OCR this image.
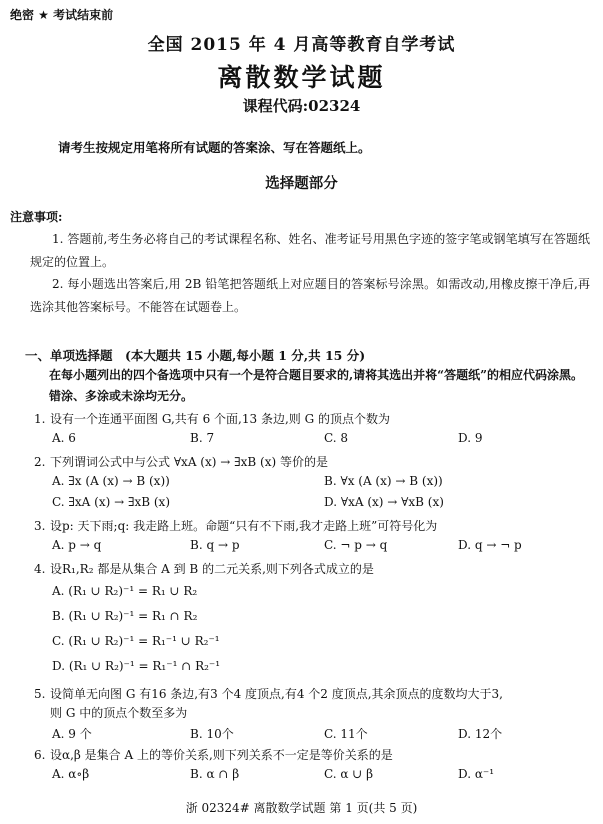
绝密 ★ 考试结束前
全国 2015 年 4 月高等教育自学考试
离散数学试题
课程代码:02324
请考生按规定用笔将所有试题的答案涂、写在答题纸上。
选择题部分
注意事项:
1. 答题前,考生务必将自己的考试课程名称、姓名、准考证号用黑色字迹的签字笔或钢笔填写在答题纸规定的位置上。
2. 每小题选出答案后,用 2B 铅笔把答题纸上对应题目的答案标号涂黑。如需改动,用橡皮擦干净后,再选涂其他答案标号。不能答在试题卷上。
一、单项选择题　(本大题共 15 小题,每小题 1 分,共 15 分)
在每小题列出的四个备选项中只有一个是符合题目要求的,请将其选出并将“答题纸”的相应代码涂黑。错涂、多涂或未涂均无分。
1. 设有一个连通平面图 G,共有 6 个面,13 条边,则 G 的顶点个数为
A. 6	B. 7	C. 8	D. 9
2. 下列谓词公式中与公式 ∀xA (x) → ∃xB (x) 等价的是
A. ∃x (A (x) → B (x))	B. ∀x (A (x) → B (x))
C. ∃xA (x) → ∃xB (x)	D. ∀xA (x) → ∀xB (x)
3. 设p: 天下雨;q: 我走路上班。命题“只有不下雨,我才走路上班”可符号化为
A. p → q	B. q → p	C. ¬ p → q	D. q → ¬ p
4. 设R₁,R₂ 都是从集合 A 到 B 的二元关系,则下列各式成立的是
A. (R₁ ∪ R₂)⁻¹ = R₁ ∪ R₂
B. (R₁ ∪ R₂)⁻¹ = R₁ ∩ R₂
C. (R₁ ∪ R₂)⁻¹ = R₁⁻¹ ∪ R₂⁻¹
D. (R₁ ∪ R₂)⁻¹ = R₁⁻¹ ∩ R₂⁻¹
5. 设简单无向图 G 有16 条边,有3 个4 度顶点,有4 个2 度顶点,其余顶点的度数均大于3,
则 G 中的顶点个数至多为
A. 9 个	B. 10个	C. 11个	D. 12个
6. 设α,β 是集合 A 上的等价关系,则下列关系不一定是等价关系的是
A. α∘β	B. α ∩ β	C. α ∪ β	D. α⁻¹
浙 02324# 离散数学试题 第 1 页(共 5 页)
